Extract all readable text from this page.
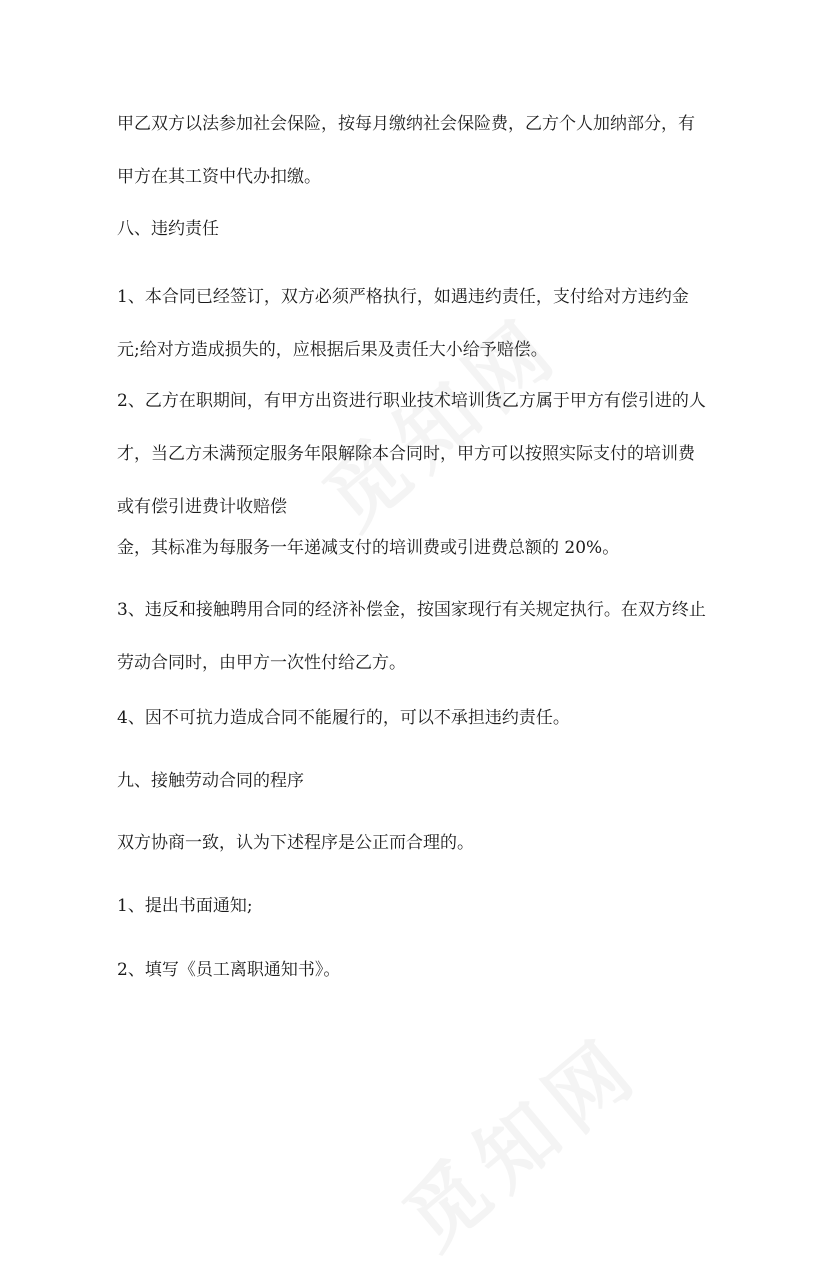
甲乙双方以法参加社会保险，按每月缴纳社会保险费，乙方个人加纳部分，有
甲方在其工资中代办扣缴。

八、违约责任

1、本合同已经签订，双方必须严格执行，如遇违约责任，支付给对方违约金
元;给对方造成损失的，应根据后果及责任大小给予赔偿。

2、乙方在职期间，有甲方出资进行职业技术培训货乙方属于甲方有偿引进的人
才，当乙方未满预定服务年限解除本合同时，甲方可以按照实际支付的培训费
或有偿引进费计收赔偿

金，其标准为每服务一年递减支付的培训费或引进费总额的 20%。

3、违反和接触聘用合同的经济补偿金，按国家现行有关规定执行。在双方终止
劳动合同时，由甲方一次性付给乙方。

4、因不可抗力造成合同不能履行的，可以不承担违约责任。

九、接触劳动合同的程序

双方协商一致，认为下述程序是公正而合理的。

1、提出书面通知;

2、填写《员工离职通知书》。
